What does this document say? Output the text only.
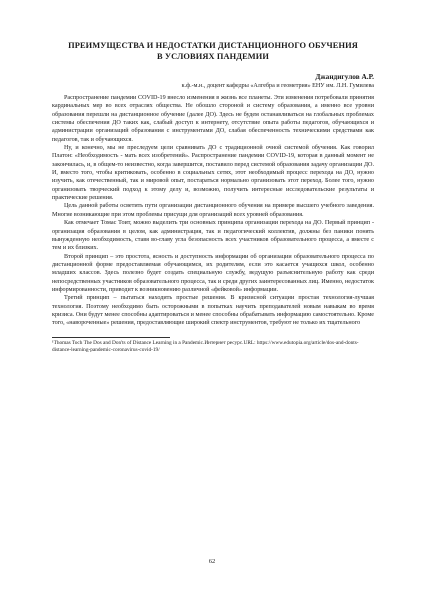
ПРЕИМУЩЕСТВА И НЕДОСТАТКИ ДИСТАНЦИОННОГО ОБУЧЕНИЯ
В УСЛОВИЯХ ПАНДЕМИИ
Джандигулов А.Р.
к.ф.-м.н., доцент кафедры «Алгебра и геометрия» ЕНУ им. Л.Н. Гумилева

Распространение пандемии COVID-19 внесло изменения в жизнь все планеты. Эти изменения потребовали принятия кардинальных мер во всех отраслях общества. Не обошло стороной и систему образования, а именно все уровни образования перешли на дистанционное обучение (далее ДО). Здесь не будем останавливаться на глобальных проблемах системы обеспечения ДО таких как, слабый доступ к интернету, отсутствие опыта работы педагогов, обучающихся и администрации организаций образования с инструментами ДО, слабая обеспеченность техническими средствами как педагогов, так и обучающихся.

Ну, и конечно, мы не преследуем цели сравнивать ДО с традиционной очной системой обучения. Как говорил Платон: «Необходимость - мать всех изобретений». Распространение пандемии COVID-19, которая в данный момент не закончилась, и, в общем-то неизвестно, когда завершится, поставило перед системой образования задачу организации ДО. И, вместо того, чтобы критиковать, особенно в социальных сетях, этот необходимый процесс перехода на ДО, нужно изучить, как отечественный, так и мировой опыт, постараться нормально организовать этот переход. Более того, нужно организовать творческий подход к этому делу и, возможно, получить интересные исследовательские результаты и практические решения.

Цель данной работы осветить пути организации дистанционного обучения на примере высшего учебного заведения. Многие возникающие при этом проблемы присущи для организаций всех уровней образования.

Как отмечает Томас Тоит, можно выделить три основных принципа организации перехода на ДО. Первый принцип - организация образования в целом, как администрация, так и педагогический коллектив, должны без паники понять вынужденную необходимость, ставя во-главу угла безопасность всех участников образовательного процесса, а вместе с тем и их близких.

Второй принцип – это простота, ясность и доступность информации об организации образовательного процесса по дистанционной форме предоставляемая обучающимся, их родителям, если это касается учащихся школ, особенно младших классов. Здесь полезно будет создать специальную службу, ведущую разъяснительную работу как среди непосредственных участников образовательного процесса, так и среди других заинтересованных лиц. Именно, недостаток информированности, приводит к возникновению различной «фейковой» информации.

Третий принцип – пытаться находить простые решения. В кризисной ситуации простая технология-лучшая технология. Поэтому необходимо быть осторожными в попытках научить преподавателей новым навыкам во время кризиса. Они будут менее способны адаптироваться и менее способны обрабатывать информацию самостоятельно. Кроме того, «навороченные» решения, предоставляющие широкий спектр инструментов, требуют не только их тщательного

¹Thomas Toch The Dos and Don'ts of Distance Learning in a Pandemic.Интернет ресурс.URL: https://www.edutopia.org/article/dos-and-donts-distance-learning-pandemic-coronavirus-covid-19/
62
